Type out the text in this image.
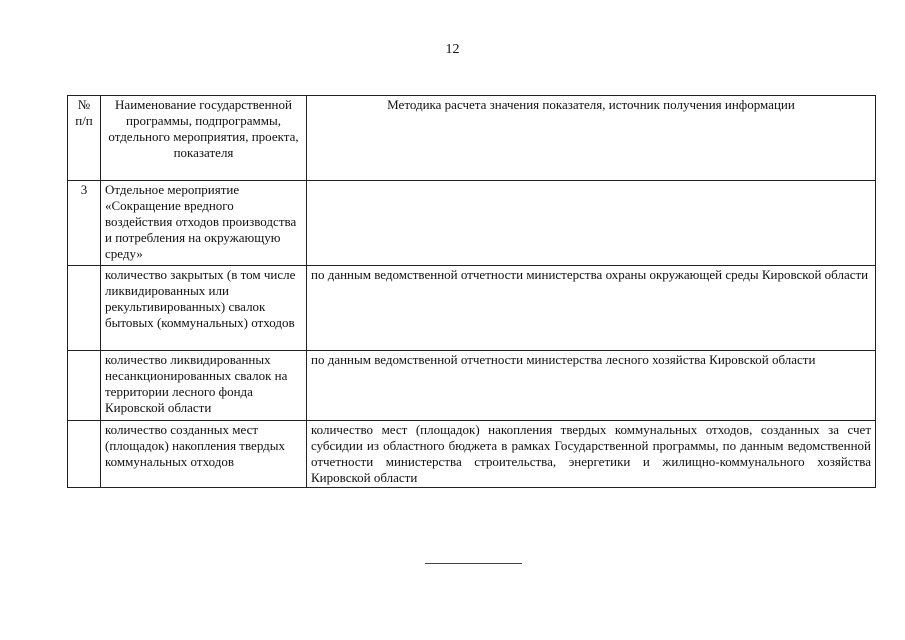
12
№ п/п	Наименование государственной программы, подпрограммы, отдельного мероприятия, проекта, показателя	Методика расчета значения показателя, источник получения информации
3	Отдельное мероприятие «Сокращение вредного воздействия отходов производства и потребления на окружающую среду»	
	количество закрытых (в том числе ликвидированных или рекультивированных) свалок бытовых (коммунальных) отходов	по данным ведомственной отчетности министерства охраны окружающей среды Кировской области
	количество ликвидированных несанкционированных свалок на территории лесного фонда Кировской области	по данным ведомственной отчетности министерства лесного хозяйства Кировской области
	количество созданных мест (площадок) накопления твердых коммунальных отходов	количество мест (площадок) накопления твердых коммунальных отходов, созданных за счет субсидии из областного бюджета в рамках Государственной программы, по данным ведомственной отчетности министерства строительства, энергетики и жилищно-коммунального хозяйства Кировской области
